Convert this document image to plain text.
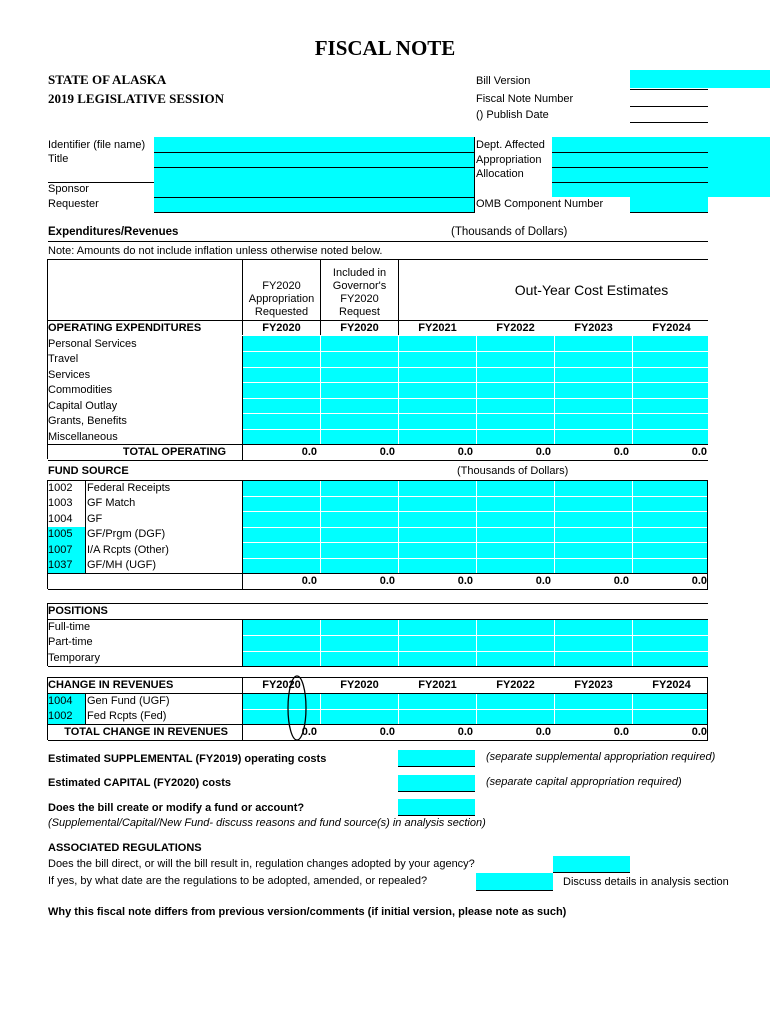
FISCAL NOTE
STATE OF ALASKA
2019 LEGISLATIVE SESSION
Bill Version
Fiscal Note Number
() Publish Date
Identifier (file name)
Title
Sponsor
Requester
Dept. Affected
Appropriation
Allocation
OMB Component Number
Expenditures/Revenues	(Thousands of Dollars)
Note: Amounts do not include inflation unless otherwise noted below.
FY2020
Appropriation
Requested
Included in
Governor's
FY2020
Request
Out-Year Cost Estimates
OPERATING EXPENDITURES	FY2020	FY2020	FY2021	FY2022	FY2023	FY2024
Personal Services
Travel
Services
Commodities
Capital Outlay
Grants, Benefits
Miscellaneous
TOTAL OPERATING	0.0	0.0	0.0	0.0	0.0	0.0
FUND SOURCE	(Thousands of Dollars)
1002 Federal Receipts
1003 GF Match
1004 GF
1005 GF/Prgm (DGF)
1007 I/A Rcpts (Other)
1037 GF/MH (UGF)
0.0	0.0	0.0	0.0	0.0	0.0
POSITIONS
Full-time
Part-time
Temporary
CHANGE IN REVENUES	FY2020	FY2020	FY2021	FY2022	FY2023	FY2024
1004 Gen Fund (UGF)
1002 Fed Rcpts (Fed)
TOTAL CHANGE IN REVENUES	0.0	0.0	0.0	0.0	0.0	0.0
Estimated SUPPLEMENTAL (FY2019) operating costs	(separate supplemental appropriation required)
Estimated CAPITAL (FY2020) costs	(separate capital appropriation required)
Does the bill create or modify a fund or account?
(Supplemental/Capital/New Fund- discuss reasons and fund source(s) in analysis section)
ASSOCIATED REGULATIONS
Does the bill direct, or will the bill result in, regulation changes adopted by your agency?
If yes, by what date are the regulations to be adopted, amended, or repealed?	Discuss details in analysis section
Why this fiscal note differs from previous version/comments (if initial version, please note as such)
